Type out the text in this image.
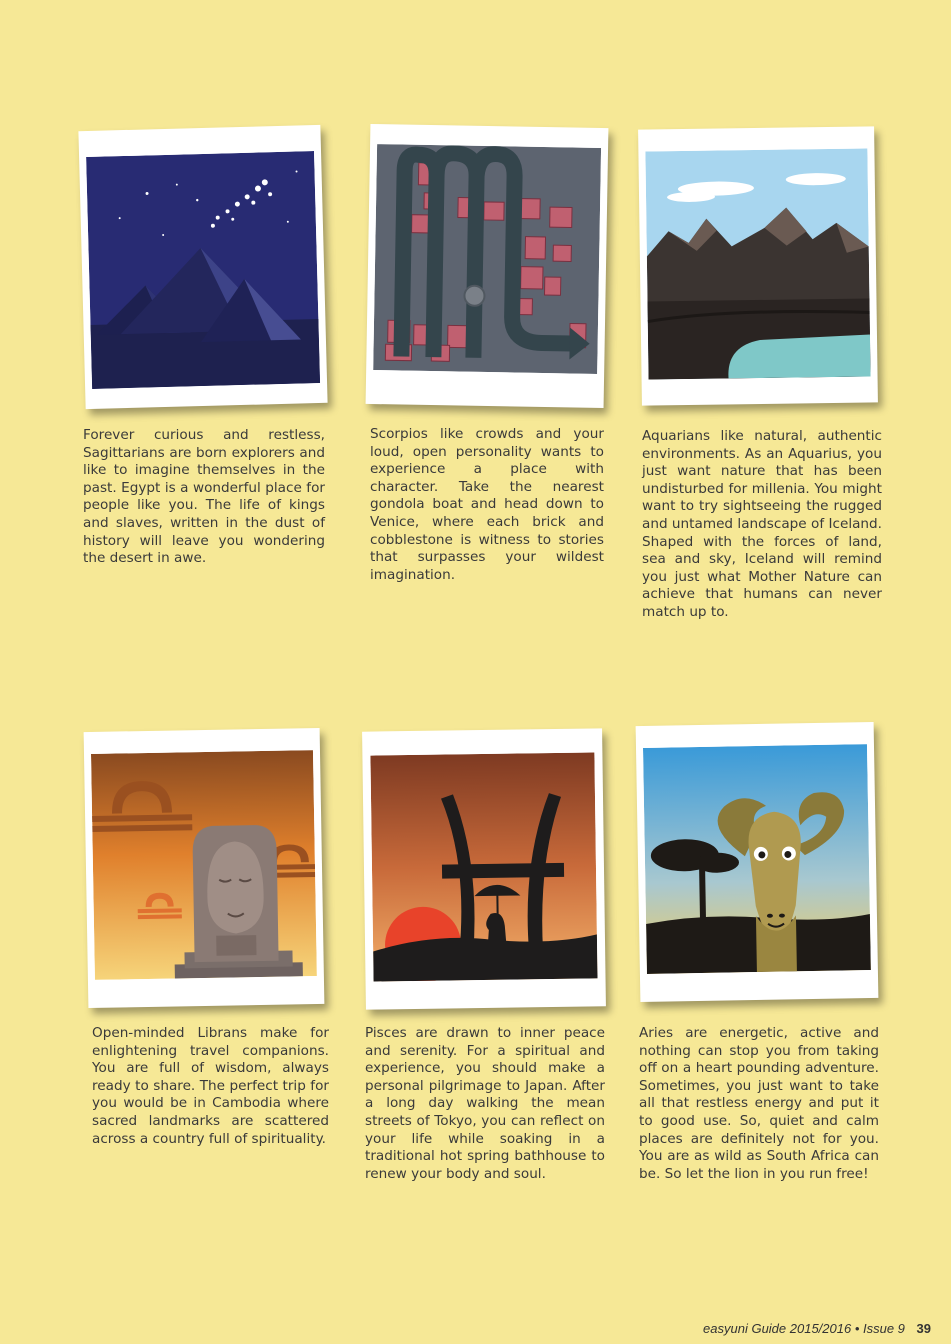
Forever curious and restless, Sagittarians are born explorers and like to imagine themselves in the past. Egypt is a wonderful place for people like you. The life of kings and slaves, written in the dust of history will leave you wondering the desert in awe.

Scorpios like crowds and your loud, open personality wants to experience a place with character. Take the nearest gondola boat and head down to Venice, where each brick and cobblestone is witness to stories that surpasses your wildest imagination.

Aquarians like natural, authentic environments. As an Aquarius, you just want nature that has been undisturbed for millenia. You might want to try sightseeing the rugged and untamed landscape of Iceland. Shaped with the forces of land, sea and sky, Iceland will remind you just what Mother Nature can achieve that humans can never match up to.

Open-minded Librans make for enlightening travel companions. You are full of wisdom, always ready to share. The perfect trip for you would be in Cambodia where sacred landmarks are scattered across a country full of spirituality.

Pisces are drawn to inner peace and serenity. For a spiritual and experience, you should make a personal pilgrimage to Japan. After a long day walking the mean streets of Tokyo, you can reflect on your life while soaking in a traditional hot spring bathhouse to renew your body and soul.

Aries are energetic, active and nothing can stop you from taking off on a heart pounding adventure. Sometimes, you just want to take all that restless energy and put it to good use. So, quiet and calm places are definitely not for you. You are as wild as South Africa can be. So let the lion in you run free!

easyuni Guide 2015/2016 • Issue 9 39
